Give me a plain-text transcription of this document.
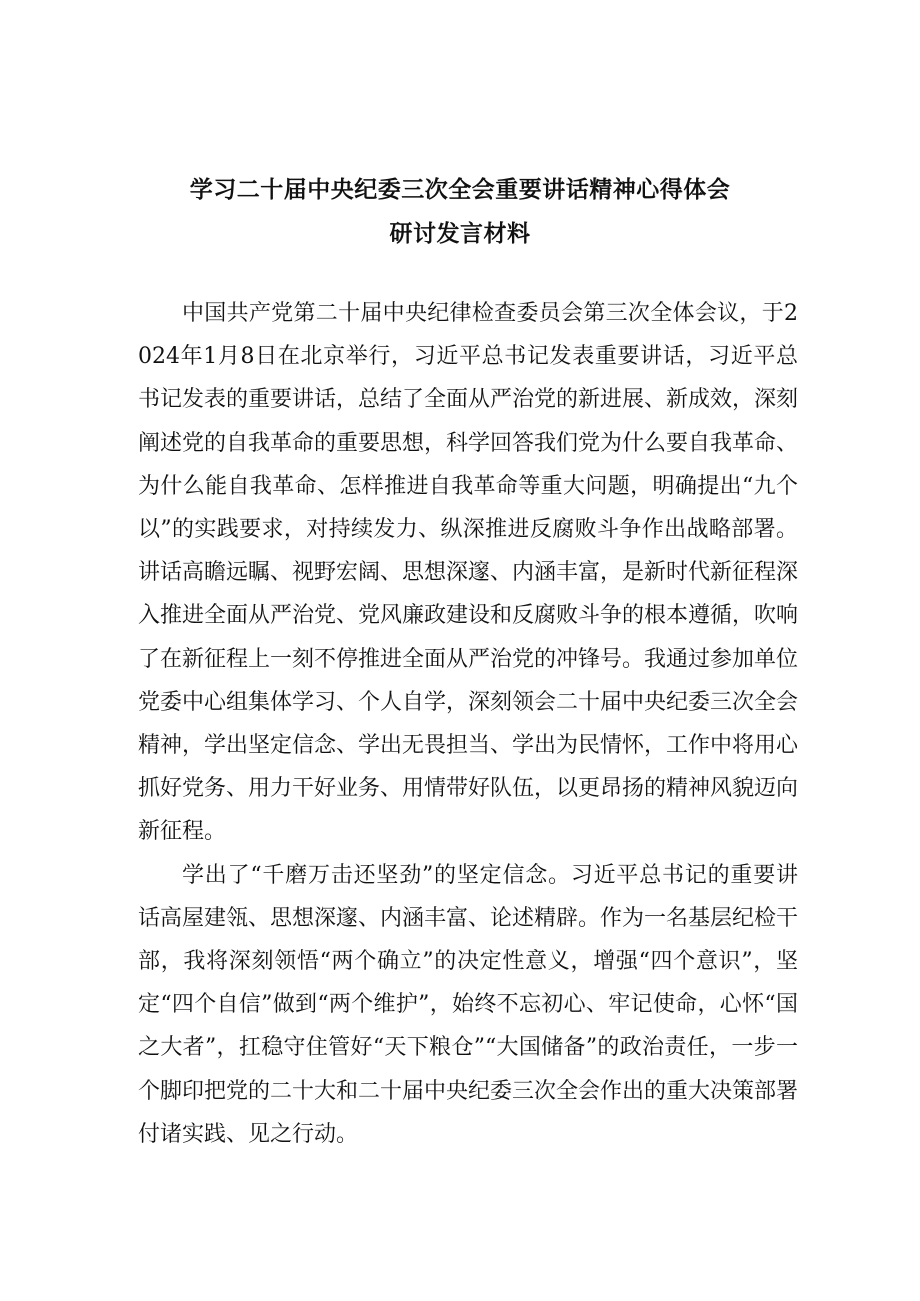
学习二十届中央纪委三次全会重要讲话精神心得体会
研讨发言材料

中国共产党第二十届中央纪律检查委员会第三次全体会议，于2024年1月8日在北京举行，习近平总书记发表重要讲话，习近平总书记发表的重要讲话，总结了全面从严治党的新进展、新成效，深刻阐述党的自我革命的重要思想，科学回答我们党为什么要自我革命、为什么能自我革命、怎样推进自我革命等重大问题，明确提出“九个以”的实践要求，对持续发力、纵深推进反腐败斗争作出战略部署。讲话高瞻远瞩、视野宏阔、思想深邃、内涵丰富，是新时代新征程深入推进全面从严治党、党风廉政建设和反腐败斗争的根本遵循，吹响了在新征程上一刻不停推进全面从严治党的冲锋号。我通过参加单位党委中心组集体学习、个人自学，深刻领会二十届中央纪委三次全会精神，学出坚定信念、学出无畏担当、学出为民情怀，工作中将用心抓好党务、用力干好业务、用情带好队伍，以更昂扬的精神风貌迈向新征程。

学出了“千磨万击还坚劲”的坚定信念。习近平总书记的重要讲话高屋建瓴、思想深邃、内涵丰富、论述精辟。作为一名基层纪检干部，我将深刻领悟“两个确立”的决定性意义，增强“四个意识”，坚定“四个自信”做到“两个维护”，始终不忘初心、牢记使命，心怀“国之大者”，扛稳守住管好“天下粮仓”“大国储备”的政治责任，一步一个脚印把党的二十大和二十届中央纪委三次全会作出的重大决策部署付诸实践、见之行动。
